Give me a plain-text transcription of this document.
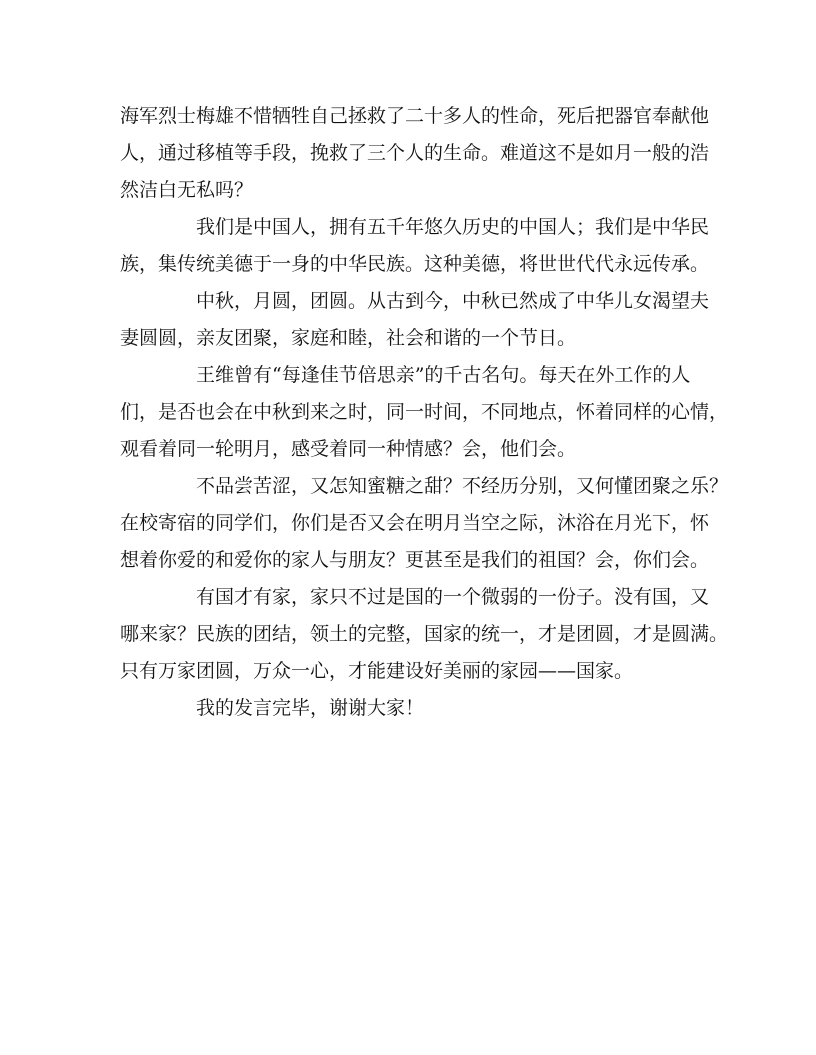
海军烈士梅雄不惜牺牲自己拯救了二十多人的性命，死后把器官奉献他
人，通过移植等手段，挽救了三个人的生命。难道这不是如月一般的浩
然洁白无私吗？
我们是中国人，拥有五千年悠久历史的中国人；我们是中华民
族，集传统美德于一身的中华民族。这种美德，将世世代代永远传承。
中秋，月圆，团圆。从古到今，中秋已然成了中华儿女渴望夫
妻圆圆，亲友团聚，家庭和睦，社会和谐的一个节日。
王维曾有“每逢佳节倍思亲”的千古名句。每天在外工作的人
们，是否也会在中秋到来之时，同一时间，不同地点，怀着同样的心情，
观看着同一轮明月，感受着同一种情感？会，他们会。
不品尝苦涩，又怎知蜜糖之甜？不经历分别，又何懂团聚之乐？
在校寄宿的同学们，你们是否又会在明月当空之际，沐浴在月光下，怀
想着你爱的和爱你的家人与朋友？更甚至是我们的祖国？会，你们会。
有国才有家，家只不过是国的一个微弱的一份子。没有国，又
哪来家？民族的团结，领土的完整，国家的统一，才是团圆，才是圆满。
只有万家团圆，万众一心，才能建设好美丽的家园——国家。
我的发言完毕，谢谢大家！
